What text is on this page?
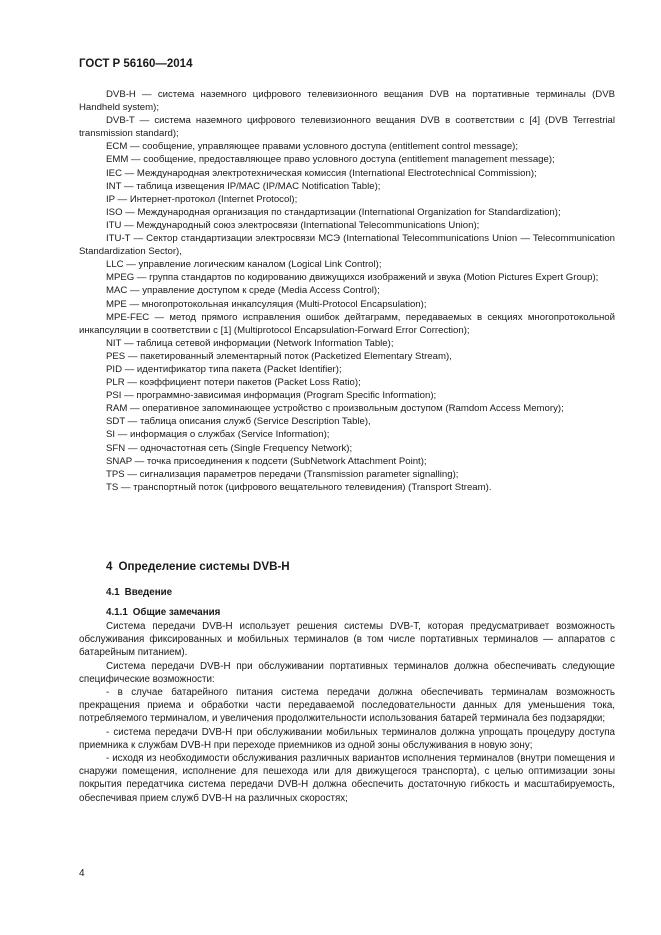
ГОСТ Р 56160—2014

DVB-H — система наземного цифрового телевизионного вещания DVB на портативные терминалы (DVB Handheld system);

DVB-T — система наземного цифрового телевизионного вещания DVB в соответствии с [4] (DVB Terrestrial transmission standard);

ECM — сообщение, управляющее правами условного доступа (entitlement control message);

EMM — сообщение, предоставляющее право условного доступа (entitlement management message);

IEC — Международная электротехническая комиссия (International Electrotechnical Commission);

INT — таблица извещения IP/MAC (IP/MAC Notification Table);

IP — Интернет-протокол (Internet Protocol);

ISO — Международная организация по стандартизации (International Organization for Standardization);

ITU — Международный союз электросвязи (International Telecommunications Union);

ITU-T — Сектор стандартизации электросвязи МСЭ (International Telecommunications Union — Telecommunication Standardization Sector),

LLC — управление логическим каналом (Logical Link Control);

MPEG — группа стандартов по кодированию движущихся изображений и звука (Motion Pictures Expert Group);

MAC — управление доступом к среде (Media Access Control);

MPE — многопротокольная инкапсуляция (Multi-Protocol Encapsulation);

MPE-FEC — метод прямого исправления ошибок дейтаграмм, передаваемых в секциях многопротокольной инкапсуляции в соответствии с [1] (Multiprotocol Encapsulation-Forward Error Correction);

NIT — таблица сетевой информации (Network Information Table);

PES — пакетированный элементарный поток (Packetized Elementary Stream),

PID — идентификатор типа пакета (Packet Identifier);

PLR — коэффициент потери пакетов (Packet Loss Ratio);

PSI — программно-зависимая информация (Program Specific Information);

RAM — оперативное запоминающее устройство с произвольным доступом (Ramdom Access Memory);

SDT — таблица описания служб (Service Description Table),

SI — информация о службах (Service Information);

SFN — одночастотная сеть (Single Frequency Network);

SNAP — точка присоединения к подсети (SubNetwork Attachment Point);

TPS — сигнализация параметров передачи (Transmission parameter signalling);

TS — транспортный поток (цифрового вещательного телевидения) (Transport Stream).

4 Определение системы DVB-H
4.1 Введение
4.1.1 Общие замечания

Система передачи DVB-H использует решения системы DVB-T, которая предусматривает возможность обслуживания фиксированных и мобильных терминалов (в том числе портативных терминалов — аппаратов с батарейным питанием).

Система передачи DVB-H при обслуживании портативных терминалов должна обеспечивать следующие специфические возможности:

- в случае батарейного питания система передачи должна обеспечивать терминалам возможность прекращения приема и обработки части передаваемой последовательности данных для уменьшения тока, потребляемого терминалом, и увеличения продолжительности использования батарей терминала без подзарядки;

- система передачи DVB-H при обслуживании мобильных терминалов должна упрощать процедуру доступа приемника к службам DVB-H при переходе приемников из одной зоны обслуживания в новую зону;

- исходя из необходимости обслуживания различных вариантов исполнения терминалов (внутри помещения и снаружи помещения, исполнение для пешехода или для движущегося транспорта), с целью оптимизации зоны покрытия передатчика система передачи DVB-H должна обеспечить достаточную гибкость и масштабируемость, обеспечивая прием служб DVB-H на различных скоростях;

4
